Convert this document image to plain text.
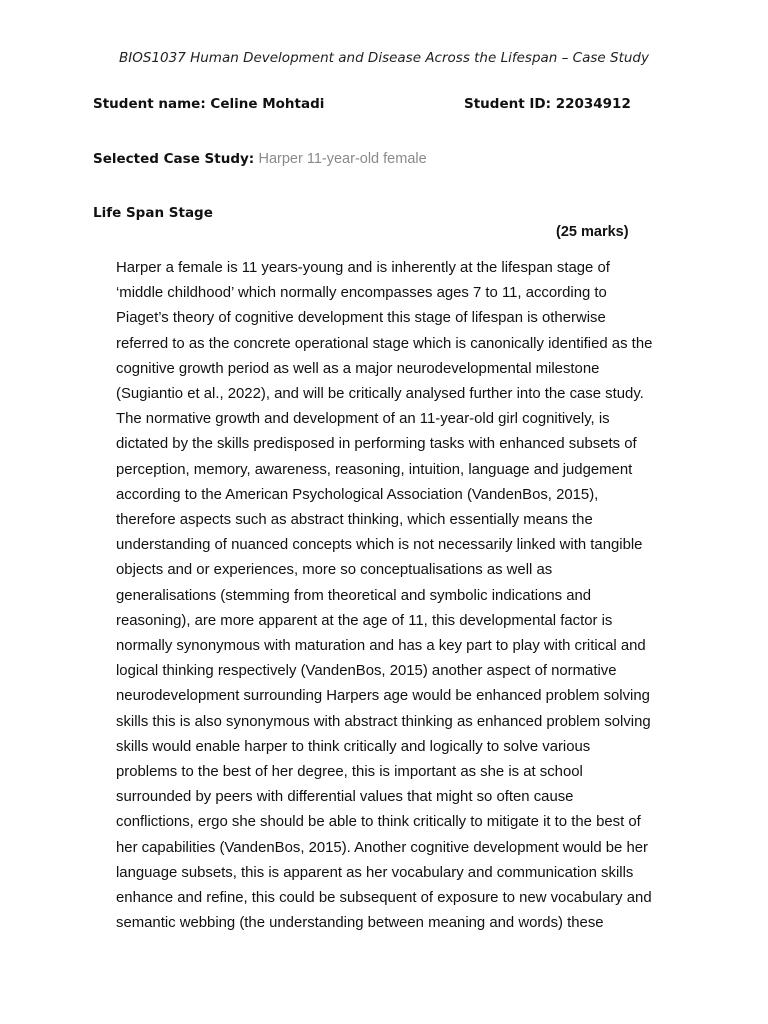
BIOS1037 Human Development and Disease Across the Lifespan – Case Study
Student name: Celine Mohtadi	Student ID: 22034912
Selected Case Study: Harper 11-year-old female
Life Span Stage
(25 marks)
Harper a female is 11 years-young and is inherently at the lifespan stage of
‘middle childhood’ which normally encompasses ages 7 to 11, according to
Piaget’s theory of cognitive development this stage of lifespan is otherwise
referred to as the concrete operational stage which is canonically identified as the
cognitive growth period as well as a major neurodevelopmental milestone
(Sugiantio et al., 2022), and will be critically analysed further into the case study.
The normative growth and development of an 11-year-old girl cognitively, is
dictated by the skills predisposed in performing tasks with enhanced subsets of
perception, memory, awareness, reasoning, intuition, language and judgement
according to the American Psychological Association (VandenBos, 2015),
therefore aspects such as abstract thinking, which essentially means the
understanding of nuanced concepts which is not necessarily linked with tangible
objects and or experiences, more so conceptualisations as well as
generalisations (stemming from theoretical and symbolic indications and
reasoning), are more apparent at the age of 11, this developmental factor is
normally synonymous with maturation and has a key part to play with critical and
logical thinking respectively (VandenBos, 2015) another aspect of normative
neurodevelopment surrounding Harpers age would be enhanced problem solving
skills this is also synonymous with abstract thinking as enhanced problem solving
skills would enable harper to think critically and logically to solve various
problems to the best of her degree, this is important as she is at school
surrounded by peers with differential values that might so often cause
conflictions, ergo she should be able to think critically to mitigate it to the best of
her capabilities (VandenBos, 2015). Another cognitive development would be her
language subsets, this is apparent as her vocabulary and communication skills
enhance and refine, this could be subsequent of exposure to new vocabulary and
semantic webbing (the understanding between meaning and words) these
